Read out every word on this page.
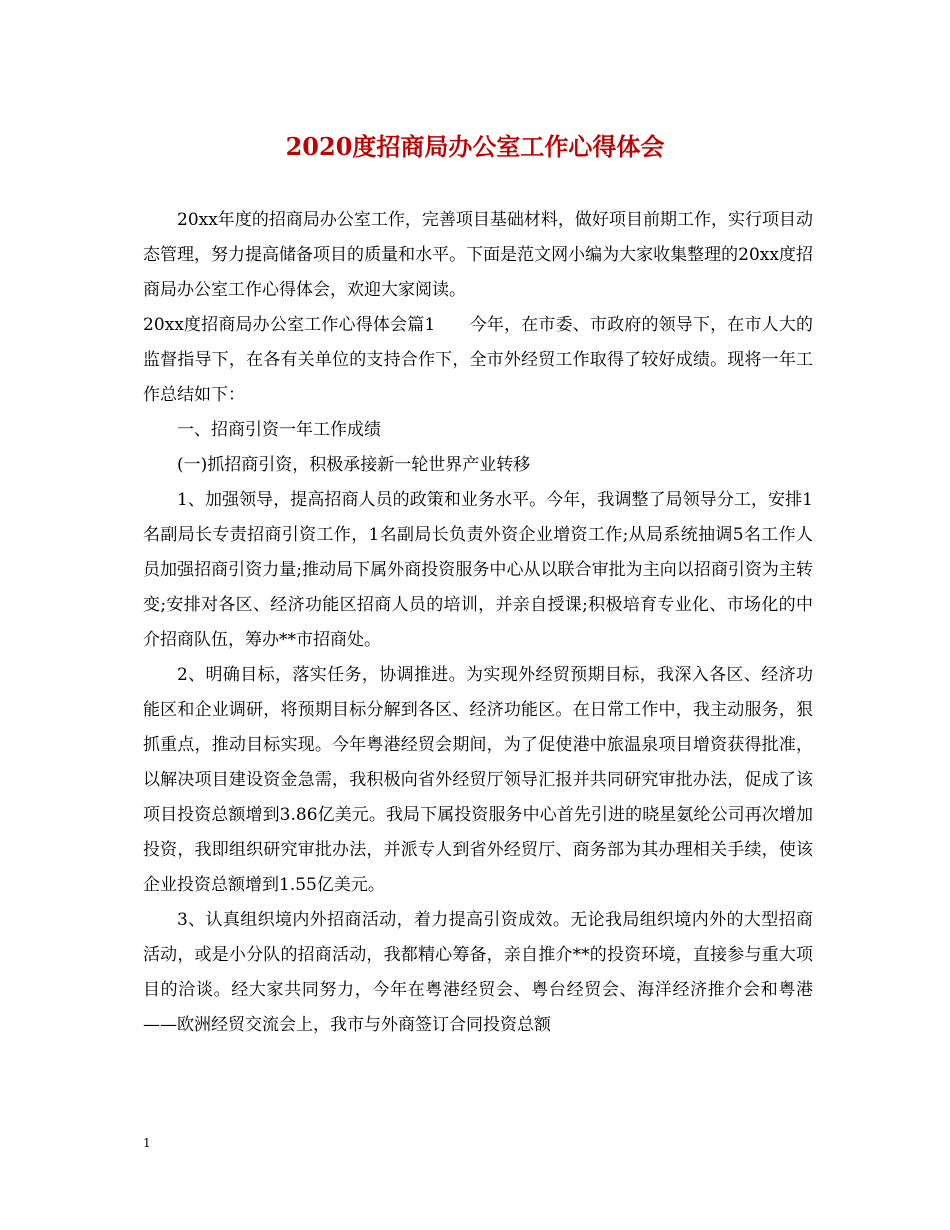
2020度招商局办公室工作心得体会

20xx年度的招商局办公室工作，完善项目基础材料，做好项目前期工作，实行项目动态管理，努力提高储备项目的质量和水平。下面是范文网小编为大家收集整理的20xx度招商局办公室工作心得体会，欢迎大家阅读。

20xx度招商局办公室工作心得体会篇1　　今年，在市委、市政府的领导下，在市人大的监督指导下，在各有关单位的支持合作下，全市外经贸工作取得了较好成绩。现将一年工作总结如下：

一、招商引资一年工作成绩

(一)抓招商引资，积极承接新一轮世界产业转移

1、加强领导，提高招商人员的政策和业务水平。今年，我调整了局领导分工，安排1名副局长专责招商引资工作，1名副局长负责外资企业增资工作;从局系统抽调5名工作人员加强招商引资力量;推动局下属外商投资服务中心从以联合审批为主向以招商引资为主转变;安排对各区、经济功能区招商人员的培训，并亲自授课;积极培育专业化、市场化的中介招商队伍，筹办**市招商处。

2、明确目标，落实任务，协调推进。为实现外经贸预期目标，我深入各区、经济功能区和企业调研，将预期目标分解到各区、经济功能区。在日常工作中，我主动服务，狠抓重点，推动目标实现。今年粤港经贸会期间，为了促使港中旅温泉项目增资获得批准，以解决项目建设资金急需，我积极向省外经贸厅领导汇报并共同研究审批办法，促成了该项目投资总额增到3.86亿美元。我局下属投资服务中心首先引进的晓星氨纶公司再次增加投资，我即组织研究审批办法，并派专人到省外经贸厅、商务部为其办理相关手续，使该企业投资总额增到1.55亿美元。

3、认真组织境内外招商活动，着力提高引资成效。无论我局组织境内外的大型招商活动，或是小分队的招商活动，我都精心筹备，亲自推介**的投资环境，直接参与重大项目的洽谈。经大家共同努力，今年在粤港经贸会、粤台经贸会、海洋经济推介会和粤港——欧洲经贸交流会上，我市与外商签订合同投资总额

1
